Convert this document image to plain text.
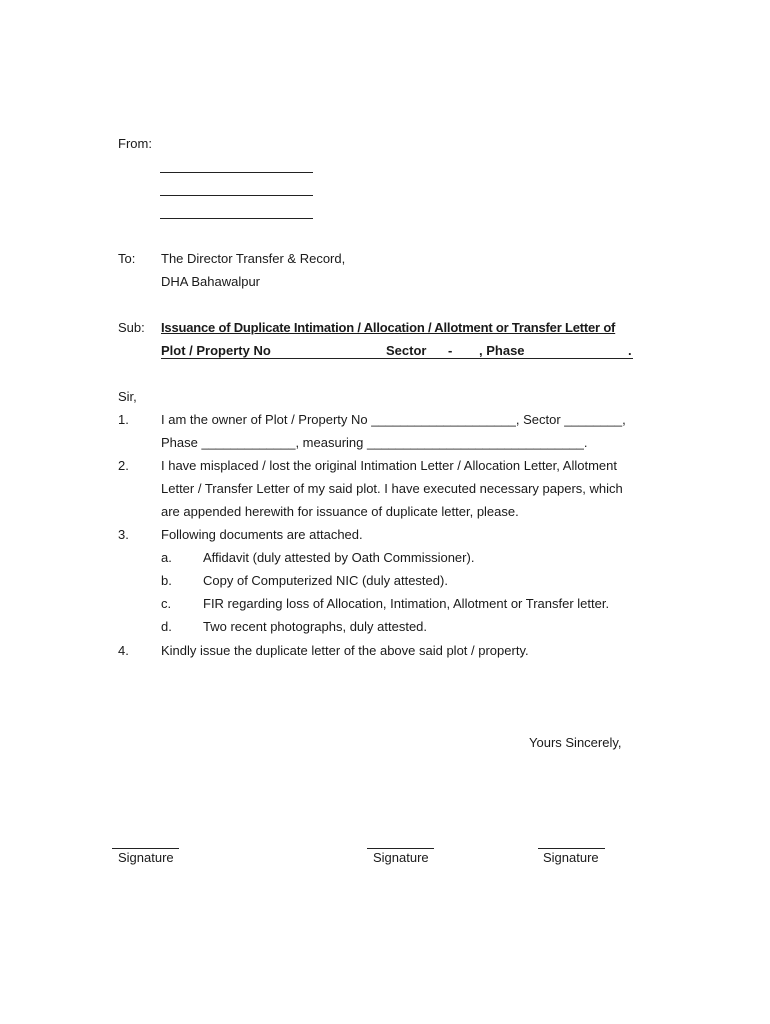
From:
To: The Director Transfer & Record,
DHA Bahawalpur
Sub: Issuance of Duplicate Intimation / Allocation / Allotment or Transfer Letter of
Plot / Property No	Sector - , Phase	.
Sir,
1. I am the owner of Plot / Property No ____________________, Sector ________,
Phase _____________, measuring ______________________________.
2. I have misplaced / lost the original Intimation Letter / Allocation Letter, Allotment
Letter / Transfer Letter of my said plot. I have executed necessary papers, which
are appended herewith for issuance of duplicate letter, please.
3. Following documents are attached.
a. Affidavit (duly attested by Oath Commissioner).
b. Copy of Computerized NIC (duly attested).
c. FIR regarding loss of Allocation, Intimation, Allotment or Transfer letter.
d. Two recent photographs, duly attested.
4. Kindly issue the duplicate letter of the above said plot / property.
Yours Sincerely,
Signature	Signature	Signature
